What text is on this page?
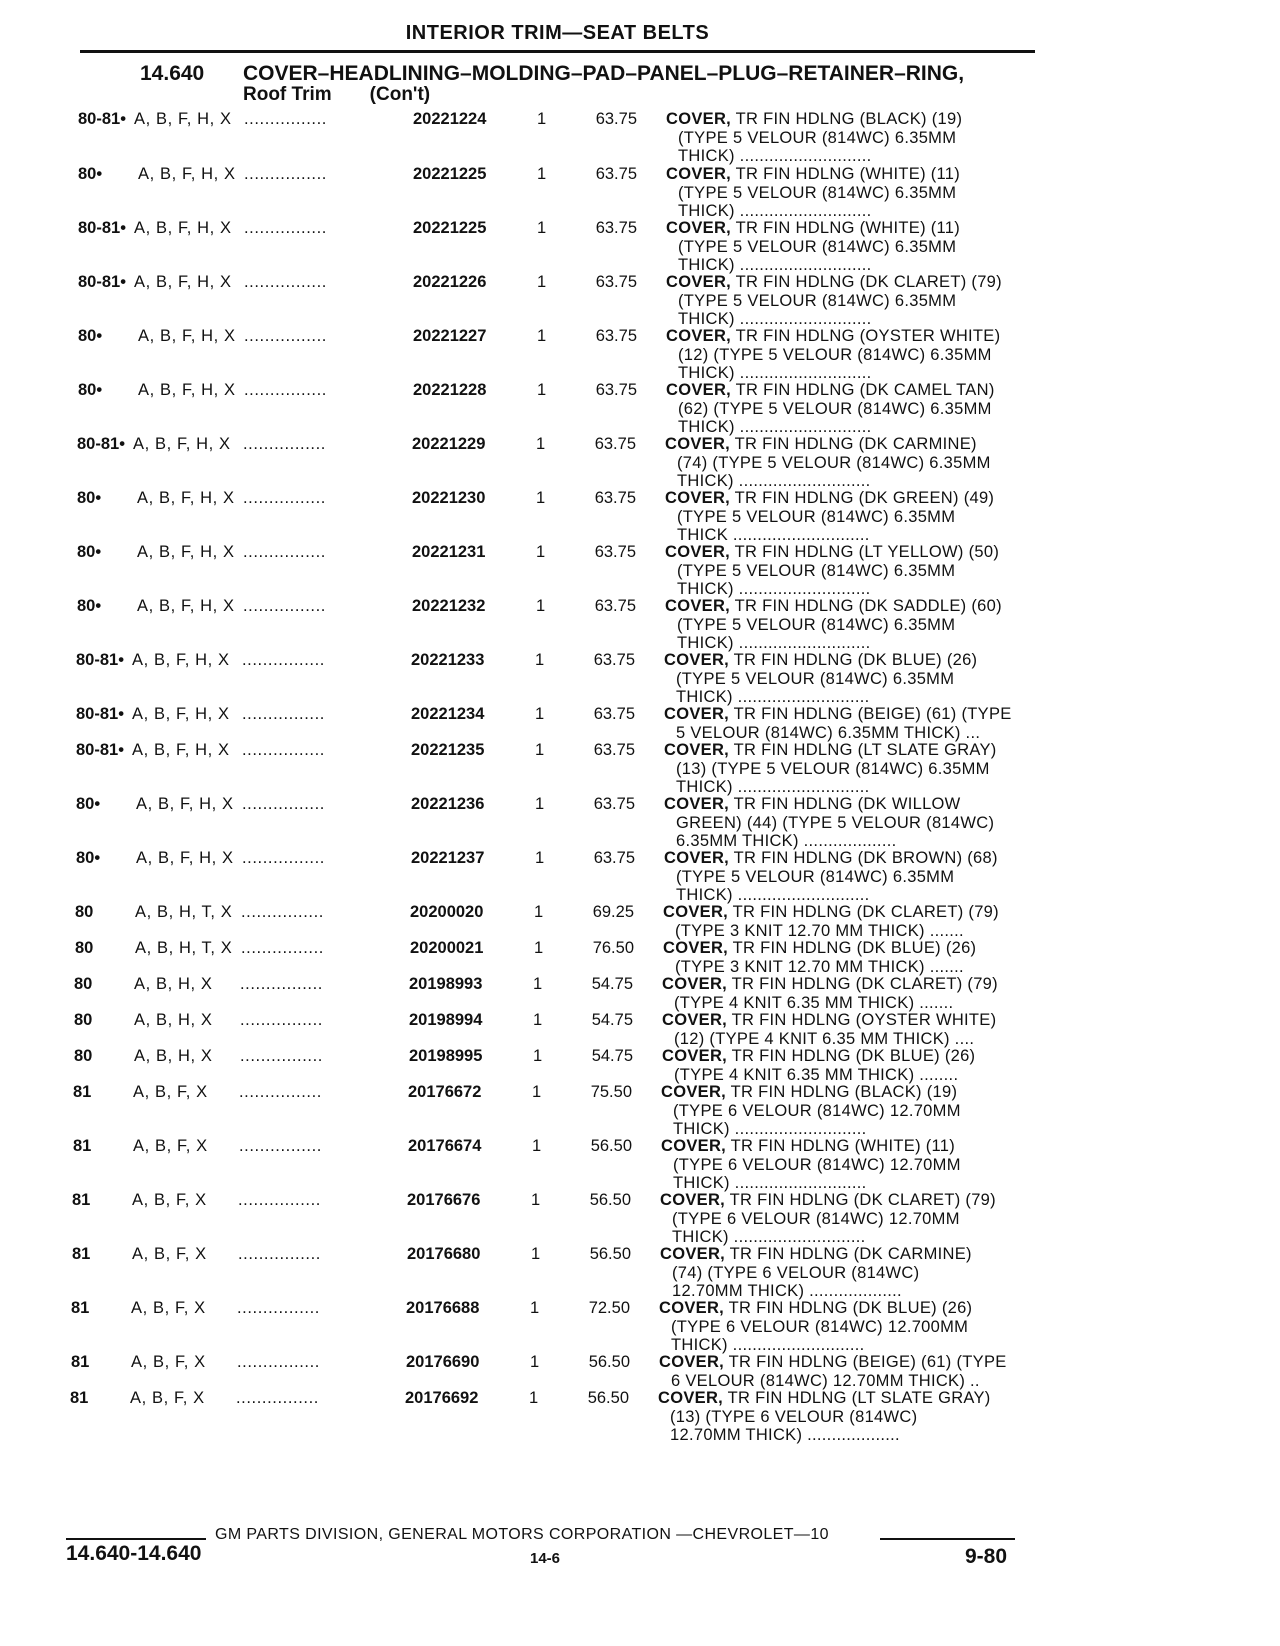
INTERIOR TRIM—SEAT BELTS
14.640 COVER–HEADLINING–MOLDING–PAD–PANEL–PLUG–RETAINER–RING,
Roof Trim (Con't)
80-81• A, B, F, H, X ................	20221224	1	63.75 COVER, TR FIN HDLNG (BLACK) (19)
(TYPE 5 VELOUR (814WC) 6.35MM
THICK) ...........................
80•	A, B, F, H, X ................	20221225	1	63.75 COVER, TR FIN HDLNG (WHITE) (11)
(TYPE 5 VELOUR (814WC) 6.35MM
THICK) ...........................
80-81• A, B, F, H, X ................	20221225	1	63.75 COVER, TR FIN HDLNG (WHITE) (11)
(TYPE 5 VELOUR (814WC) 6.35MM
THICK) ...........................
80-81• A, B, F, H, X ................	20221226	1	63.75 COVER, TR FIN HDLNG (DK CLARET) (79)
(TYPE 5 VELOUR (814WC) 6.35MM
THICK) ...........................
80•	A, B, F, H, X ................	20221227	1	63.75 COVER, TR FIN HDLNG (OYSTER WHITE)
(12) (TYPE 5 VELOUR (814WC) 6.35MM
THICK) ...........................
80•	A, B, F, H, X ................	20221228	1	63.75 COVER, TR FIN HDLNG (DK CAMEL TAN)
(62) (TYPE 5 VELOUR (814WC) 6.35MM
THICK) ...........................
80-81• A, B, F, H, X ................	20221229	1	63.75 COVER, TR FIN HDLNG (DK CARMINE)
(74) (TYPE 5 VELOUR (814WC) 6.35MM
THICK) ...........................
80•	A, B, F, H, X ................	20221230	1	63.75 COVER, TR FIN HDLNG (DK GREEN) (49)
(TYPE 5 VELOUR (814WC) 6.35MM
THICK ............................
80•	A, B, F, H, X ................	20221231	1	63.75 COVER, TR FIN HDLNG (LT YELLOW) (50)
(TYPE 5 VELOUR (814WC) 6.35MM
THICK) ...........................
80•	A, B, F, H, X ................	20221232	1	63.75 COVER, TR FIN HDLNG (DK SADDLE) (60)
(TYPE 5 VELOUR (814WC) 6.35MM
THICK) ...........................
80-81• A, B, F, H, X ................	20221233	1	63.75 COVER, TR FIN HDLNG (DK BLUE) (26)
(TYPE 5 VELOUR (814WC) 6.35MM
THICK) ...........................
80-81• A, B, F, H, X ................	20221234	1	63.75 COVER, TR FIN HDLNG (BEIGE) (61) (TYPE
5 VELOUR (814WC) 6.35MM THICK) ...
80-81• A, B, F, H, X ................	20221235	1	63.75 COVER, TR FIN HDLNG (LT SLATE GRAY)
(13) (TYPE 5 VELOUR (814WC) 6.35MM
THICK) ...........................
80•	A, B, F, H, X ................	20221236	1	63.75 COVER, TR FIN HDLNG (DK WILLOW
GREEN) (44) (TYPE 5 VELOUR (814WC)
6.35MM THICK) ...................
80•	A, B, F, H, X ................	20221237	1	63.75 COVER, TR FIN HDLNG (DK BROWN) (68)
(TYPE 5 VELOUR (814WC) 6.35MM
THICK) ...........................
80	A, B, H, T, X ................	20200020	1	69.25 COVER, TR FIN HDLNG (DK CLARET) (79)
(TYPE 3 KNIT 12.70 MM THICK) .......
80	A, B, H, T, X ................	20200021	1	76.50 COVER, TR FIN HDLNG (DK BLUE) (26)
(TYPE 3 KNIT 12.70 MM THICK) .......
80	A, B, H, X ................	20198993	1	54.75 COVER, TR FIN HDLNG (DK CLARET) (79)
(TYPE 4 KNIT 6.35 MM THICK) .......
80	A, B, H, X ................	20198994	1	54.75 COVER, TR FIN HDLNG (OYSTER WHITE)
(12) (TYPE 4 KNIT 6.35 MM THICK) ....
80	A, B, H, X ................	20198995	1	54.75 COVER, TR FIN HDLNG (DK BLUE) (26)
(TYPE 4 KNIT 6.35 MM THICK) ........
81	A, B, F, X ................	20176672	1	75.50 COVER, TR FIN HDLNG (BLACK) (19)
(TYPE 6 VELOUR (814WC) 12.70MM
THICK) ...........................
81	A, B, F, X ................	20176674	1	56.50 COVER, TR FIN HDLNG (WHITE) (11)
(TYPE 6 VELOUR (814WC) 12.70MM
THICK) ...........................
81	A, B, F, X ................	20176676	1	56.50 COVER, TR FIN HDLNG (DK CLARET) (79)
(TYPE 6 VELOUR (814WC) 12.70MM
THICK) ...........................
81	A, B, F, X ................	20176680	1	56.50 COVER, TR FIN HDLNG (DK CARMINE)
(74) (TYPE 6 VELOUR (814WC)
12.70MM THICK) ...................
81	A, B, F, X ................	20176688	1	72.50 COVER, TR FIN HDLNG (DK BLUE) (26)
(TYPE 6 VELOUR (814WC) 12.700MM
THICK) ...........................
81	A, B, F, X ................	20176690	1	56.50 COVER, TR FIN HDLNG (BEIGE) (61) (TYPE
6 VELOUR (814WC) 12.70MM THICK) ..
81	A, B, F, X ................	20176692	1	56.50 COVER, TR FIN HDLNG (LT SLATE GRAY)
(13) (TYPE 6 VELOUR (814WC)
12.70MM THICK) ...................
GM PARTS DIVISION, GENERAL MOTORS CORPORATION —CHEVROLET—10
14.640-14.640	14-6	9-80
